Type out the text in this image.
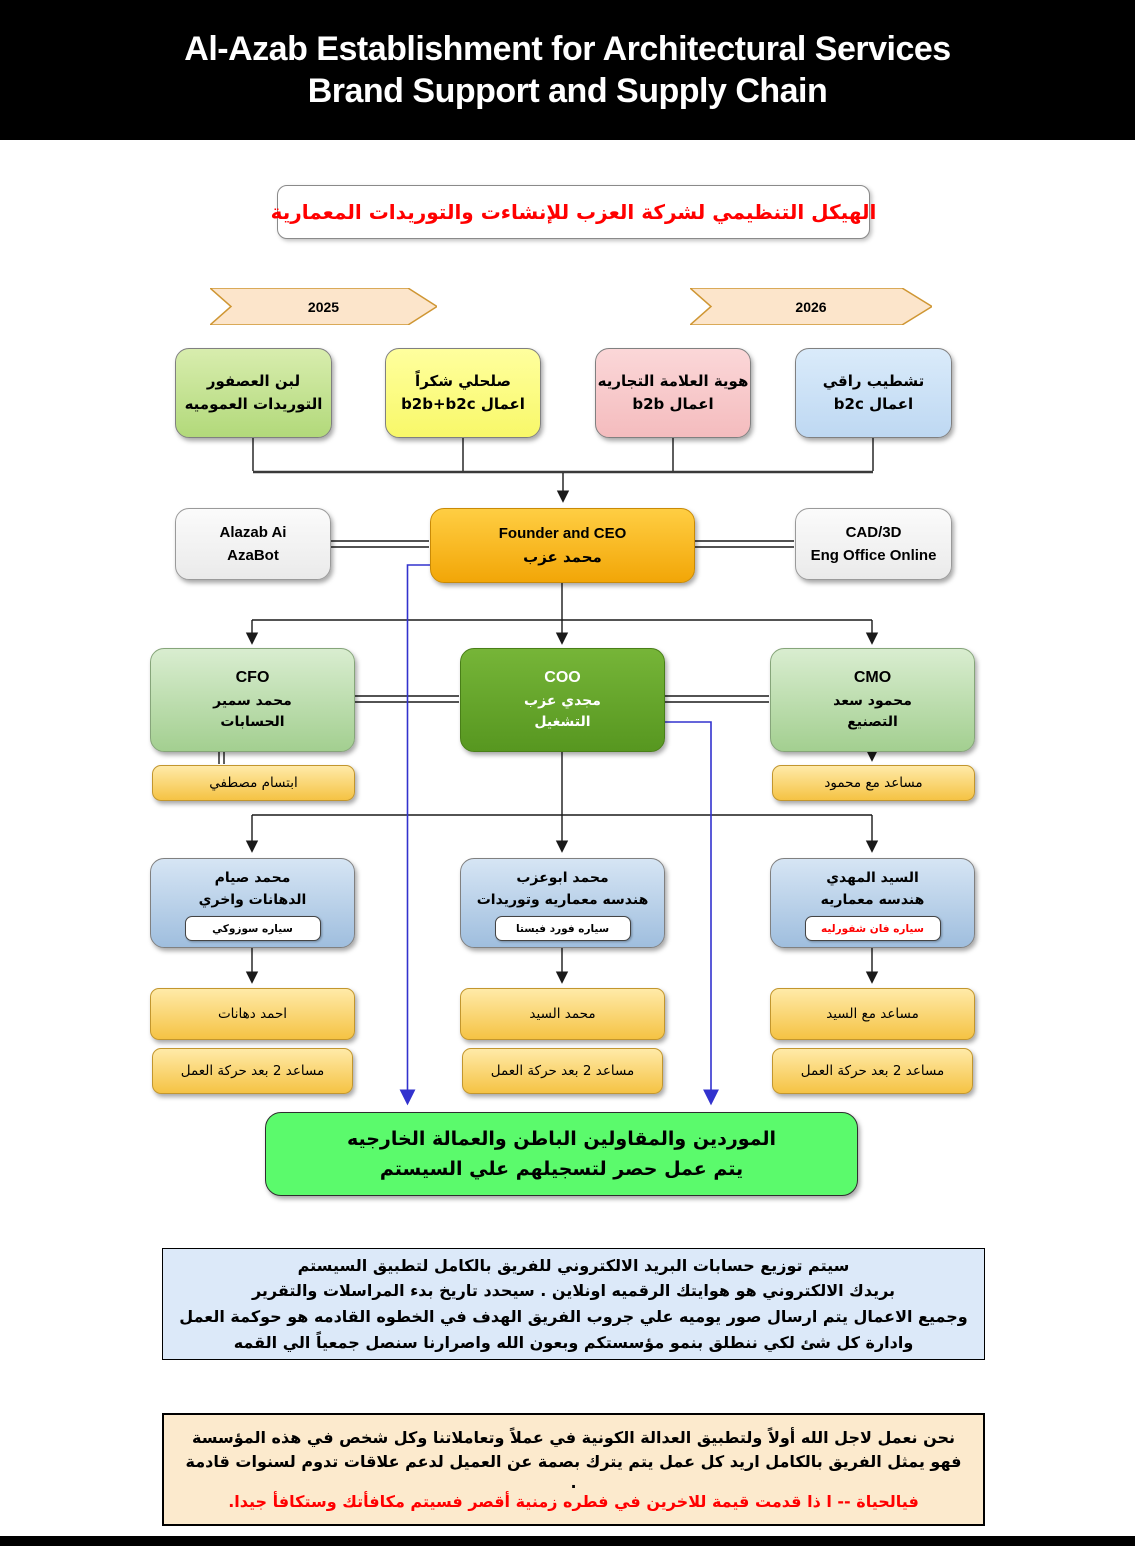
Al-Azab Establishment for Architectural Services
Brand Support and Supply Chain
الهيكل التنظيمي لشركة العزب للإنشاءت والتوريدات المعمارية
2025	2026
لبن العصفور
التوريدات العموميه
صلحلي شكراً
اعمال b2b+b2c
هوية العلامة التجاريه
اعمال b2b
تشطيب راقي
اعمال b2c
Alazab Ai
AzaBot
Founder and CEO
محمد عزب
CAD/3D
Eng Office Online
CFO
محمد سمير
الحسابات
COO
مجدي عزب
التشغيل
CMO
محمود سعد
التصنيع
ابتسام مصطفي	مساعد مع محمود
محمد صيام
الدهانات واخري
سياره سوزوكي
محمد ابوعزب
هندسه معماريه وتوريدات
سياره فورد فيستا
السيد المهدي
هندسه معماريه
سياره فان شفورليه
احمد دهانات	محمد السيد	مساعد مع السيد
مساعد 2 بعد حركة العمل	مساعد 2 بعد حركة العمل	مساعد 2 بعد حركة العمل
الموردين والمقاولين الباطن والعمالة الخارجيه
يتم عمل حصر لتسجيلهم علي السيستم
سيتم توزيع حسابات البريد الالكتروني للفريق بالكامل لتطبيق السيستم
بريدك الالكتروني هو هوايتك الرقميه اونلاين . سيحدد تاريخ بدء المراسلات والتقرير
وجميع الاعمال يتم ارسال صور يوميه علي جروب الفريق الهدف في الخطوه القادمه هو حوكمة العمل
وادارة كل شئ لكي ننطلق بنمو مؤسستكم وبعون الله واصرارنا سنصل جمعياً الي القمه
نحن نعمل لاجل الله أولاً ولتطبيق العدالة الكونية في عملاً وتعاملاتنا وكل شخص في هذه المؤسسة فهو يمثل الفريق بالكامل اريد كل عمل يتم يترك بصمة عن العميل لدعم علاقات تدوم لسنوات قادمة
.
فيالحياة -- ا ذا قدمت قيمة للاخرين في فطره زمنية أقصر فسيتم مكافأتك وستكافأ جيدا.
